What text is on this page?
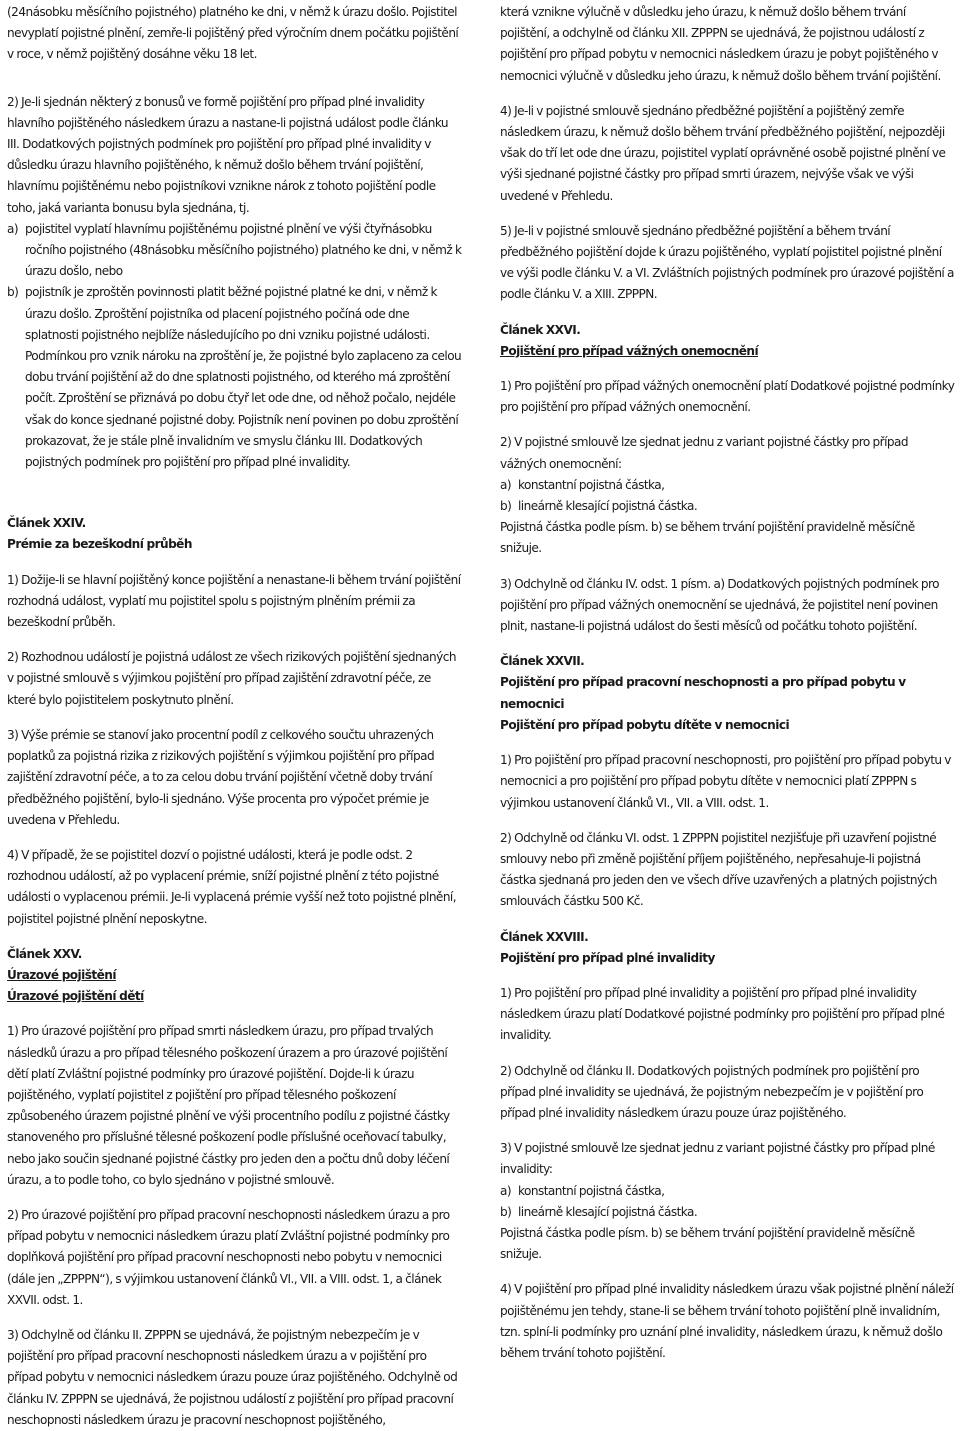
(24násobku měsíčního pojistného) platného ke dni, v němž k úrazu došlo. Pojistitel nevyplatí pojistné plnění, zemře-li pojištěný před výročním dnem počátku pojištění v roce, v němž pojištěný dosáhne věku 18 let.

2) Je-li sjednán některý z bonusů ve formě pojištění pro případ plné invalidity hlavního pojištěného následkem úrazu a nastane-li pojistná událost podle článku III. Dodatkových pojistných podmínek pro pojištění pro případ plné invalidity v důsledku úrazu hlavního pojištěného, k němuž došlo během trvání pojištění, hlavnímu pojištěnému nebo pojistníkovi vznikne nárok z tohoto pojištění podle toho, jaká varianta bonusu byla sjednána, tj.

a) pojistitel vyplatí hlavnímu pojištěnému pojistné plnění ve výši čtyřnásobku ročního pojistného (48násobku měsíčního pojistného) platného ke dni, v němž k úrazu došlo, nebo
b) pojistník je zproštěn povinnosti platit běžné pojistné platné ke dni, v němž k úrazu došlo. Zproštění pojistníka od placení pojistného počíná ode dne splatnosti pojistného nejblíže následujícího po dni vzniku pojistné události. Podmínkou pro vznik nároku na zproštění je, že pojistné bylo zaplaceno za celou dobu trvání pojištění až do dne splatnosti pojistného, od kterého má zproštění počít. Zproštění se přiznává po dobu čtyř let ode dne, od něhož počalo, nejdéle však do konce sjednané pojistné doby. Pojistník není povinen po dobu zproštění prokazovat, že je stále plně invalidním ve smyslu článku III. Dodatkových pojistných podmínek pro pojištění pro případ plné invalidity.

Článek XXIV.

Prémie za bezeškodní průběh

1) Dožije-li se hlavní pojištěný konce pojištění a nenastane-li během trvání pojištění rozhodná událost, vyplatí mu pojistitel spolu s pojistným plněním prémii za bezeškodní průběh.

2) Rozhodnou událostí je pojistná událost ze všech rizikových pojištění sjednaných v pojistné smlouvě s výjimkou pojištění pro případ zajištění zdravotní péče, ze které bylo pojistitelem poskytnuto plnění.

3) Výše prémie se stanoví jako procentní podíl z celkového součtu uhrazených poplatků za pojistná rizika z rizikových pojištění s výjimkou pojištění pro případ zajištění zdravotní péče, a to za celou dobu trvání pojištění včetně doby trvání předběžného pojištění, bylo-li sjednáno. Výše procenta pro výpočet prémie je uvedena v Přehledu.

4) V případě, že se pojistitel dozví o pojistné události, která je podle odst. 2 rozhodnou událostí, až po vyplacení prémie, sníží pojistné plnění z této pojistné události o vyplacenou prémii. Je-li vyplacená prémie vyšší než toto pojistné plnění, pojistitel pojistné plnění neposkytne.

Článek XXV.

Úrazové pojištění

Úrazové pojištění dětí

1) Pro úrazové pojištění pro případ smrti následkem úrazu, pro případ trvalých následků úrazu a pro případ tělesného poškození úrazem a pro úrazové pojištění dětí platí Zvláštní pojistné podmínky pro úrazové pojištění. Dojde-li k úrazu pojištěného, vyplatí pojistitel z pojištění pro případ tělesného poškození způsobeného úrazem pojistné plnění ve výši procentního podílu z pojistné částky stanoveného pro příslušné tělesné poškození podle příslušné oceňovací tabulky, nebo jako součin sjednané pojistné částky pro jeden den a počtu dnů doby léčení úrazu, a to podle toho, co bylo sjednáno v pojistné smlouvě.

2) Pro úrazové pojištění pro případ pracovní neschopnosti následkem úrazu a pro případ pobytu v nemocnici následkem úrazu platí Zvláštní pojistné podmínky pro doplňková pojištění pro případ pracovní neschopnosti nebo pobytu v nemocnici (dále jen „ZPPPN“), s výjimkou ustanovení článků VI., VII. a VIII. odst. 1, a článek XXVII. odst. 1.

3) Odchylně od článku II. ZPPPN se ujednává, že pojistným nebezpečím je v pojištění pro případ pracovní neschopnosti následkem úrazu a v pojištění pro případ pobytu v nemocnici následkem úrazu pouze úraz pojištěného. Odchylně od článku IV. ZPPPN se ujednává, že pojistnou událostí z pojištění pro případ pracovní neschopnosti následkem úrazu je pracovní neschopnost pojištěného,

která vznikne výlučně v důsledku jeho úrazu, k němuž došlo během trvání pojištění, a odchylně od článku XII. ZPPPN se ujednává, že pojistnou událostí z pojištění pro případ pobytu v nemocnici následkem úrazu je pobyt pojištěného v nemocnici výlučně v důsledku jeho úrazu, k němuž došlo během trvání pojištění.

4) Je-li v pojistné smlouvě sjednáno předběžné pojištění a pojištěný zemře následkem úrazu, k němuž došlo během trvání předběžného pojištění, nejpozději však do tří let ode dne úrazu, pojistitel vyplatí oprávněné osobě pojistné plnění ve výši sjednané pojistné částky pro případ smrti úrazem, nejvýše však ve výši uvedené v Přehledu.

5) Je-li v pojistné smlouvě sjednáno předběžné pojištění a během trvání předběžného pojištění dojde k úrazu pojištěného, vyplatí pojistitel pojistné plnění ve výši podle článku V. a VI. Zvláštních pojistných podmínek pro úrazové pojištění a podle článku V. a XIII. ZPPPN.

Článek XXVI.

Pojištění pro případ vážných onemocnění

1) Pro pojištění pro případ vážných onemocnění platí Dodatkové pojistné podmínky pro pojištění pro případ vážných onemocnění.

2) V pojistné smlouvě lze sjednat jednu z variant pojistné částky pro případ vážných onemocnění:

a) konstantní pojistná částka,
b) lineárně klesající pojistná částka.

Pojistná částka podle písm. b) se během trvání pojištění pravidelně měsíčně snižuje.

3) Odchylně od článku IV. odst. 1 písm. a) Dodatkových pojistných podmínek pro pojištění pro případ vážných onemocnění se ujednává, že pojistitel není povinen plnit, nastane-li pojistná událost do šesti měsíců od počátku tohoto pojištění.

Článek XXVII.

Pojištění pro případ pracovní neschopnosti a pro případ pobytu v nemocnici

Pojištění pro případ pobytu dítěte v nemocnici

1) Pro pojištění pro případ pracovní neschopnosti, pro pojištění pro případ pobytu v nemocnici a pro pojištění pro případ pobytu dítěte v nemocnici platí ZPPPN s výjimkou ustanovení článků VI., VII. a VIII. odst. 1.

2) Odchylně od článku VI. odst. 1 ZPPPN pojistitel nezjišťuje při uzavření pojistné smlouvy nebo při změně pojištění příjem pojištěného, nepřesahuje-li pojistná částka sjednaná pro jeden den ve všech dříve uzavřených a platných pojistných smlouvách částku 500 Kč.

Článek XXVIII.

Pojištění pro případ plné invalidity

1) Pro pojištění pro případ plné invalidity a pojištění pro případ plné invalidity následkem úrazu platí Dodatkové pojistné podmínky pro pojištění pro případ plné invalidity.

2) Odchylně od článku II. Dodatkových pojistných podmínek pro pojištění pro případ plné invalidity se ujednává, že pojistným nebezpečím je v pojištění pro případ plné invalidity následkem úrazu pouze úraz pojištěného.

3) V pojistné smlouvě lze sjednat jednu z variant pojistné částky pro případ plné invalidity:

a) konstantní pojistná částka,
b) lineárně klesající pojistná částka.

Pojistná částka podle písm. b) se během trvání pojištění pravidelně měsíčně snižuje.

4) V pojištění pro případ plné invalidity následkem úrazu však pojistné plnění náleží pojištěnému jen tehdy, stane-li se během trvání tohoto pojištění plně invalidním, tzn. splní-li podmínky pro uznání plné invalidity, následkem úrazu, k němuž došlo během trvání tohoto pojištění.
